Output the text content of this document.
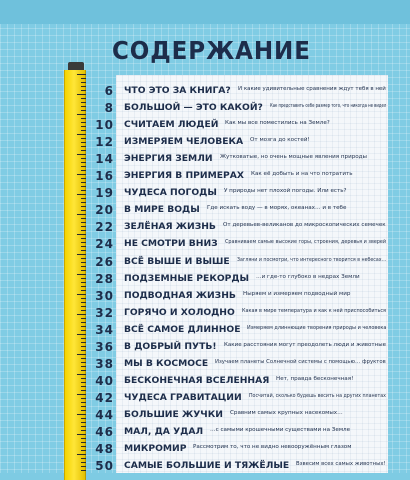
СОДЕРЖАНИЕ
6 ЧТО ЭТО ЗА КНИГА? И какие удивительные сравнения ждут тебя в ней
8 БОЛЬШОЙ — ЭТО КАКОЙ? Как представить себе размер того, что никогда не видел
10 СЧИТАЕМ ЛЮДЕЙ Как мы все поместились на Земле?
12 ИЗМЕРЯЕМ ЧЕЛОВЕКА От мозга до костей!
14 ЭНЕРГИЯ ЗЕМЛИ Жутковатые, но очень мощные явления природы
16 ЭНЕРГИЯ В ПРИМЕРАХ Как её добыть и на что потратить
19 ЧУДЕСА ПОГОДЫ У природы нет плохой погоды. Или есть?
20 В МИРЕ ВОДЫ Где искать воду — в морях, океанах… и в тебе
22 ЗЕЛЁНАЯ ЖИЗНЬ От деревьев-великанов до микроскопических семечек
24 НЕ СМОТРИ ВНИЗ Сравниваем самые высокие горы, строения, деревья и зверей
26 ВСЁ ВЫШЕ И ВЫШЕ Загляни и посмотри, что интересного творится в небесах…
28 ПОДЗЕМНЫЕ РЕКОРДЫ …и где-то глубоко в недрах Земли
30 ПОДВОДНАЯ ЖИЗНЬ Ныряем и измеряем подводный мир
32 ГОРЯЧО И ХОЛОДНО Какая в мире температура и как к ней приспособиться
34 ВСЁ САМОЕ ДЛИННОЕ Измеряем длиннющие творения природы и человека
36 В ДОБРЫЙ ПУТЬ! Какие расстояния могут преодолеть люди и животные
38 МЫ В КОСМОСЕ Изучаем планеты Солнечной системы с помощью… фруктов
40 БЕСКОНЕЧНАЯ ВСЕЛЕННАЯ Нет, правда бесконечная!
42 ЧУДЕСА ГРАВИТАЦИИ Посчитай, сколько будешь весить на других планетах
44 БОЛЬШИЕ ЖУЧКИ Сравним самых крупных насекомых…
46 МАЛ, ДА УДАЛ …с самыми крошечными существами на Земле
48 МИКРОМИР Рассмотрим то, что не видно невооружённым глазом
50 САМЫЕ БОЛЬШИЕ И ТЯЖЁЛЫЕ Взвесим всех самых животных!
